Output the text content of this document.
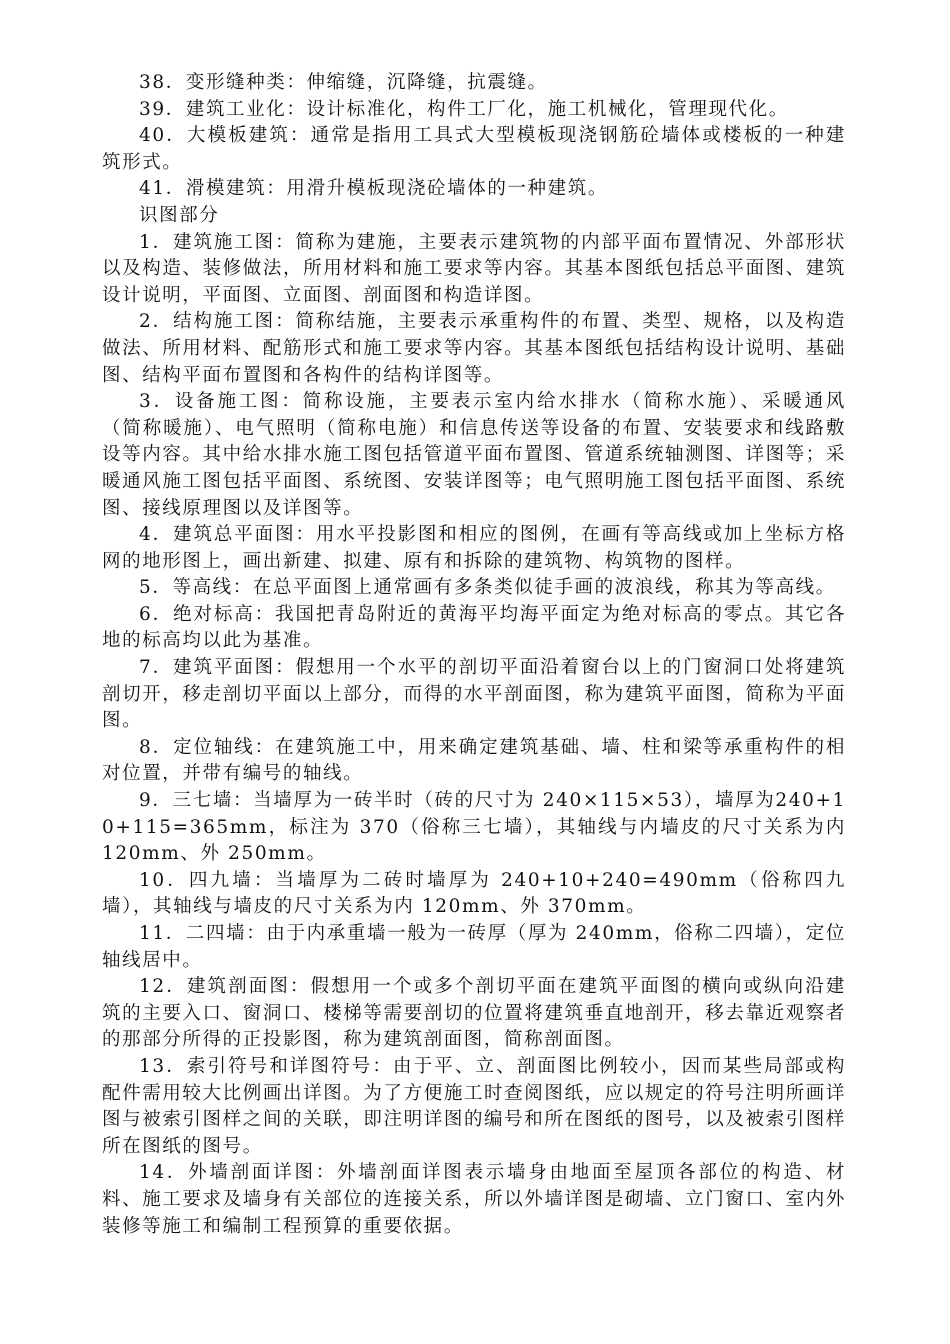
38．变形缝种类：伸缩缝，沉降缝，抗震缝。

39．建筑工业化：设计标准化，构件工厂化，施工机械化，管理现代化。

40．大模板建筑：通常是指用工具式大型模板现浇钢筋砼墙体或楼板的一种建筑形式。

41．滑模建筑：用滑升模板现浇砼墙体的一种建筑。

识图部分

1．建筑施工图：简称为建施，主要表示建筑物的内部平面布置情况、外部形状以及构造、装修做法，所用材料和施工要求等内容。其基本图纸包括总平面图、建筑设计说明，平面图、立面图、剖面图和构造详图。

2．结构施工图：简称结施，主要表示承重构件的布置、类型、规格，以及构造做法、所用材料、配筋形式和施工要求等内容。其基本图纸包括结构设计说明、基础图、结构平面布置图和各构件的结构详图等。

3．设备施工图：简称设施，主要表示室内给水排水（简称水施）、采暖通风（简称暖施）、电气照明（简称电施）和信息传送等设备的布置、安装要求和线路敷设等内容。其中给水排水施工图包括管道平面布置图、管道系统轴测图、详图等；采暖通风施工图包括平面图、系统图、安装详图等；电气照明施工图包括平面图、系统图、接线原理图以及详图等。

4．建筑总平面图：用水平投影图和相应的图例，在画有等高线或加上坐标方格网的地形图上，画出新建、拟建、原有和拆除的建筑物、构筑物的图样。

5．等高线：在总平面图上通常画有多条类似徒手画的波浪线，称其为等高线。

6．绝对标高：我国把青岛附近的黄海平均海平面定为绝对标高的零点。其它各地的标高均以此为基准。

7．建筑平面图：假想用一个水平的剖切平面沿着窗台以上的门窗洞口处将建筑剖切开，移走剖切平面以上部分，而得的水平剖面图，称为建筑平面图，简称为平面图。

8．定位轴线：在建筑施工中，用来确定建筑基础、墙、柱和梁等承重构件的相对位置，并带有编号的轴线。

9．三七墙：当墙厚为一砖半时（砖的尺寸为 240×115×53），墙厚为240+10+115=365mm，标注为 370（俗称三七墙），其轴线与内墙皮的尺寸关系为内 120mm、外 250mm。

10．四九墙：当墙厚为二砖时墙厚为 240+10+240=490mm（俗称四九墙），其轴线与墙皮的尺寸关系为内 120mm、外 370mm。

11．二四墙：由于内承重墙一般为一砖厚（厚为 240mm，俗称二四墙），定位轴线居中。

12．建筑剖面图：假想用一个或多个剖切平面在建筑平面图的横向或纵向沿建筑的主要入口、窗洞口、楼梯等需要剖切的位置将建筑垂直地剖开，移去靠近观察者的那部分所得的正投影图，称为建筑剖面图，简称剖面图。

13．索引符号和详图符号：由于平、立、剖面图比例较小，因而某些局部或构配件需用较大比例画出详图。为了方便施工时查阅图纸，应以规定的符号注明所画详图与被索引图样之间的关联，即注明详图的编号和所在图纸的图号，以及被索引图样所在图纸的图号。

14．外墙剖面详图：外墙剖面详图表示墙身由地面至屋顶各部位的构造、材料、施工要求及墙身有关部位的连接关系，所以外墙详图是砌墙、立门窗口、室内外装修等施工和编制工程预算的重要依据。
